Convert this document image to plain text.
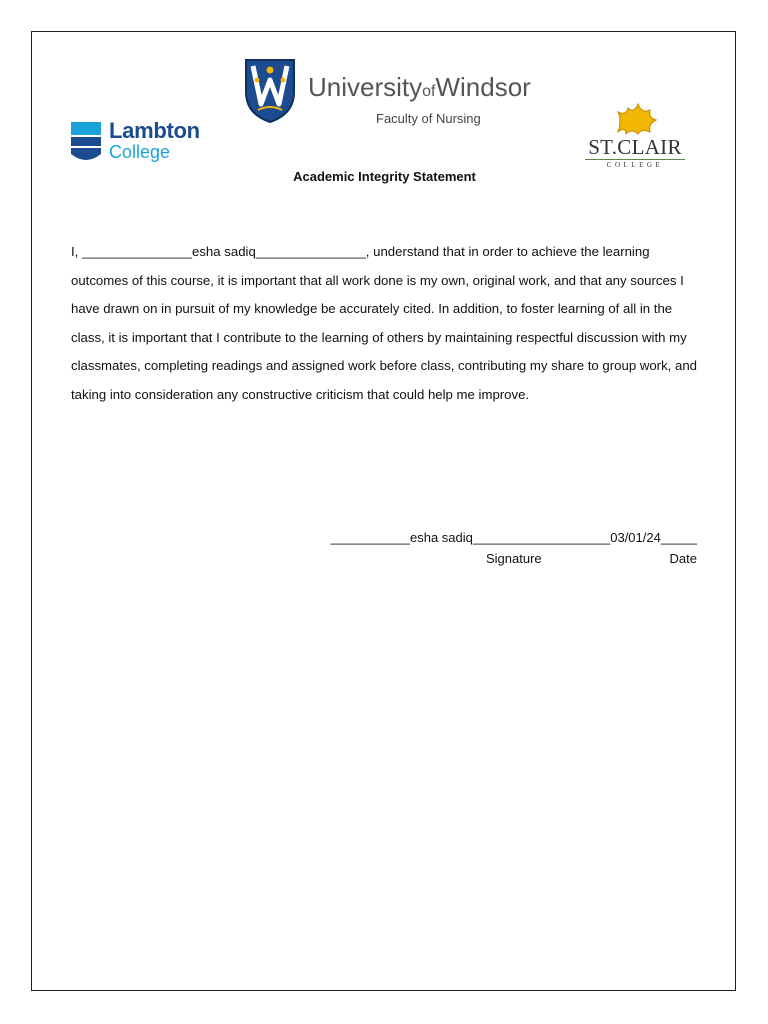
Lambton
College
UniversityofWindsor
Faculty of Nursing
ST.CLAIR
COLLEGE
Academic Integrity Statement

I, _______________esha sadiq_______________, understand that in order to achieve the learning outcomes of this course, it is important that all work done is my own, original work, and that any sources I have drawn on in pursuit of my knowledge be accurately cited. In addition, to foster learning of all in the class, it is important that I contribute to the learning of others by maintaining respectful discussion with my classmates, completing readings and assigned work before class, contributing my share to group work, and taking into consideration any constructive criticism that could help me improve.

___________esha sadiq___________________03/01/24_____
Signature	Date
